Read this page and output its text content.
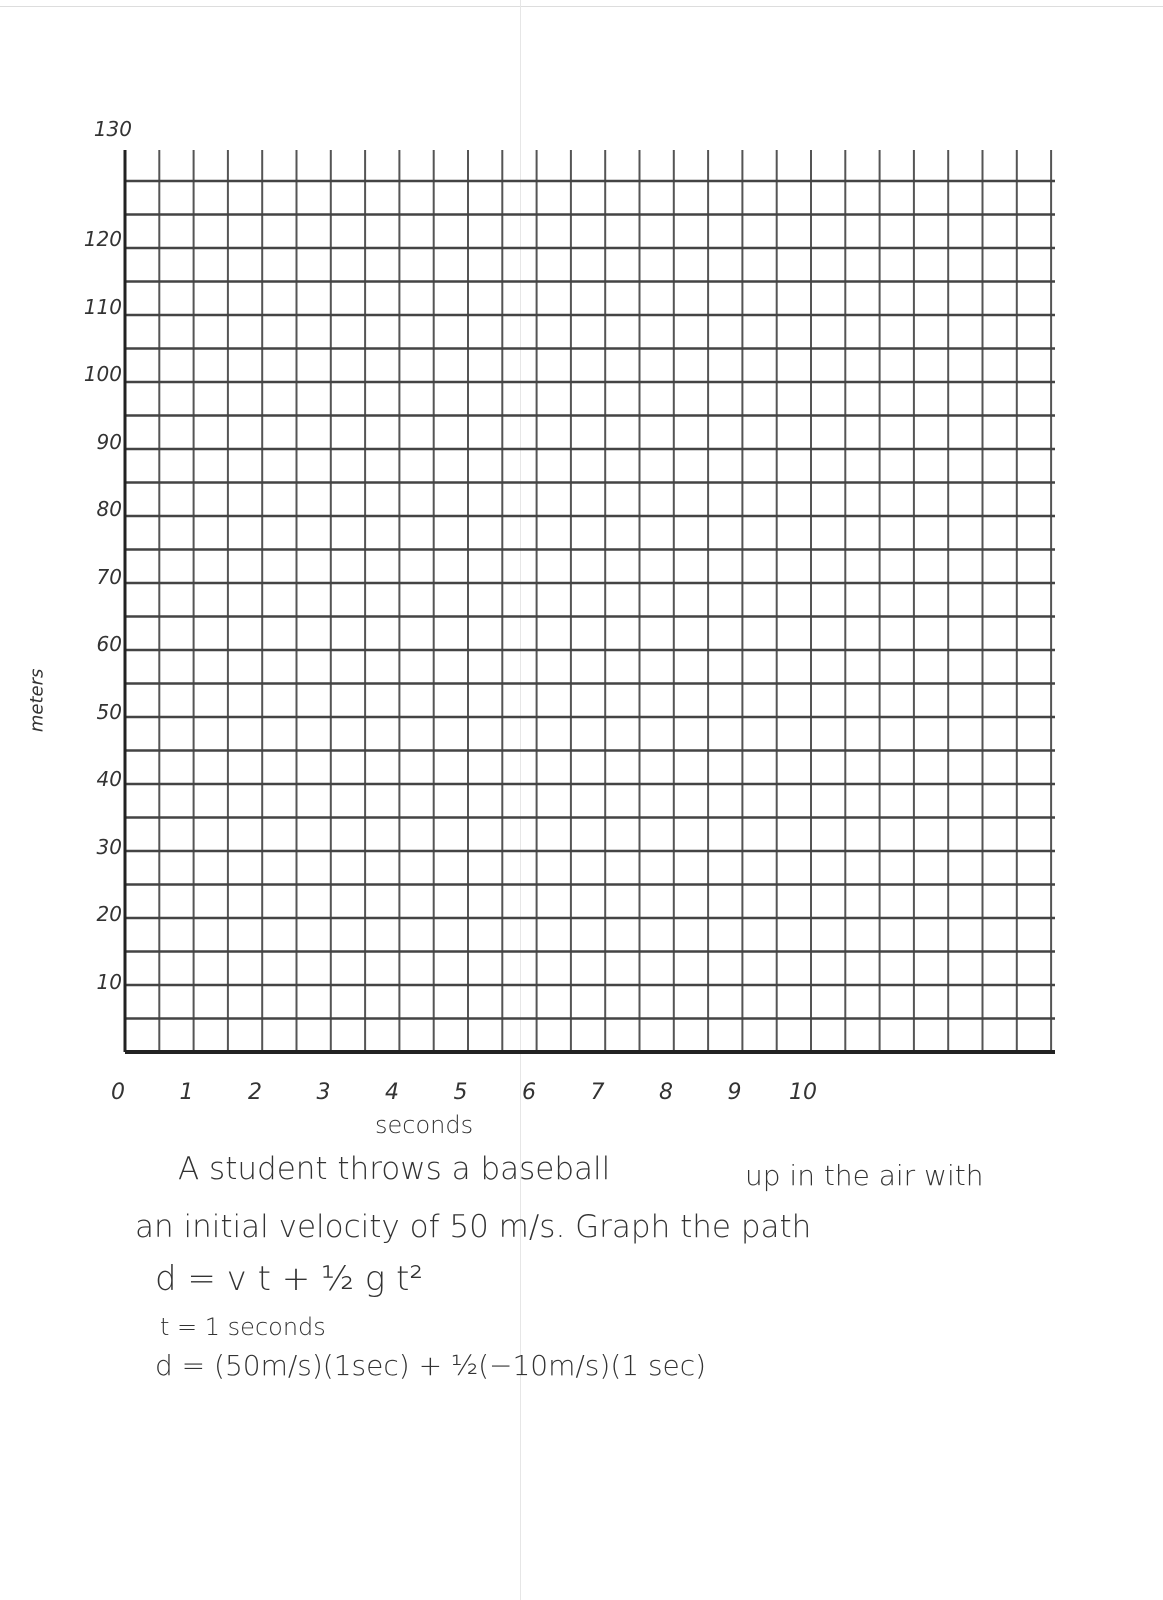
130
120
110
100
90
80
70
60
50
40
30
20
10
0	1	2	3	4	5	6	7	8	9	10
meters
seconds
A student throws a baseball	up in the air with
an initial velocity of 50 m/s. Graph the path
d = v t + ½ g t²
t = 1 seconds
d = (50m/s)(1sec) + ½(−10m/s)(1 sec)
